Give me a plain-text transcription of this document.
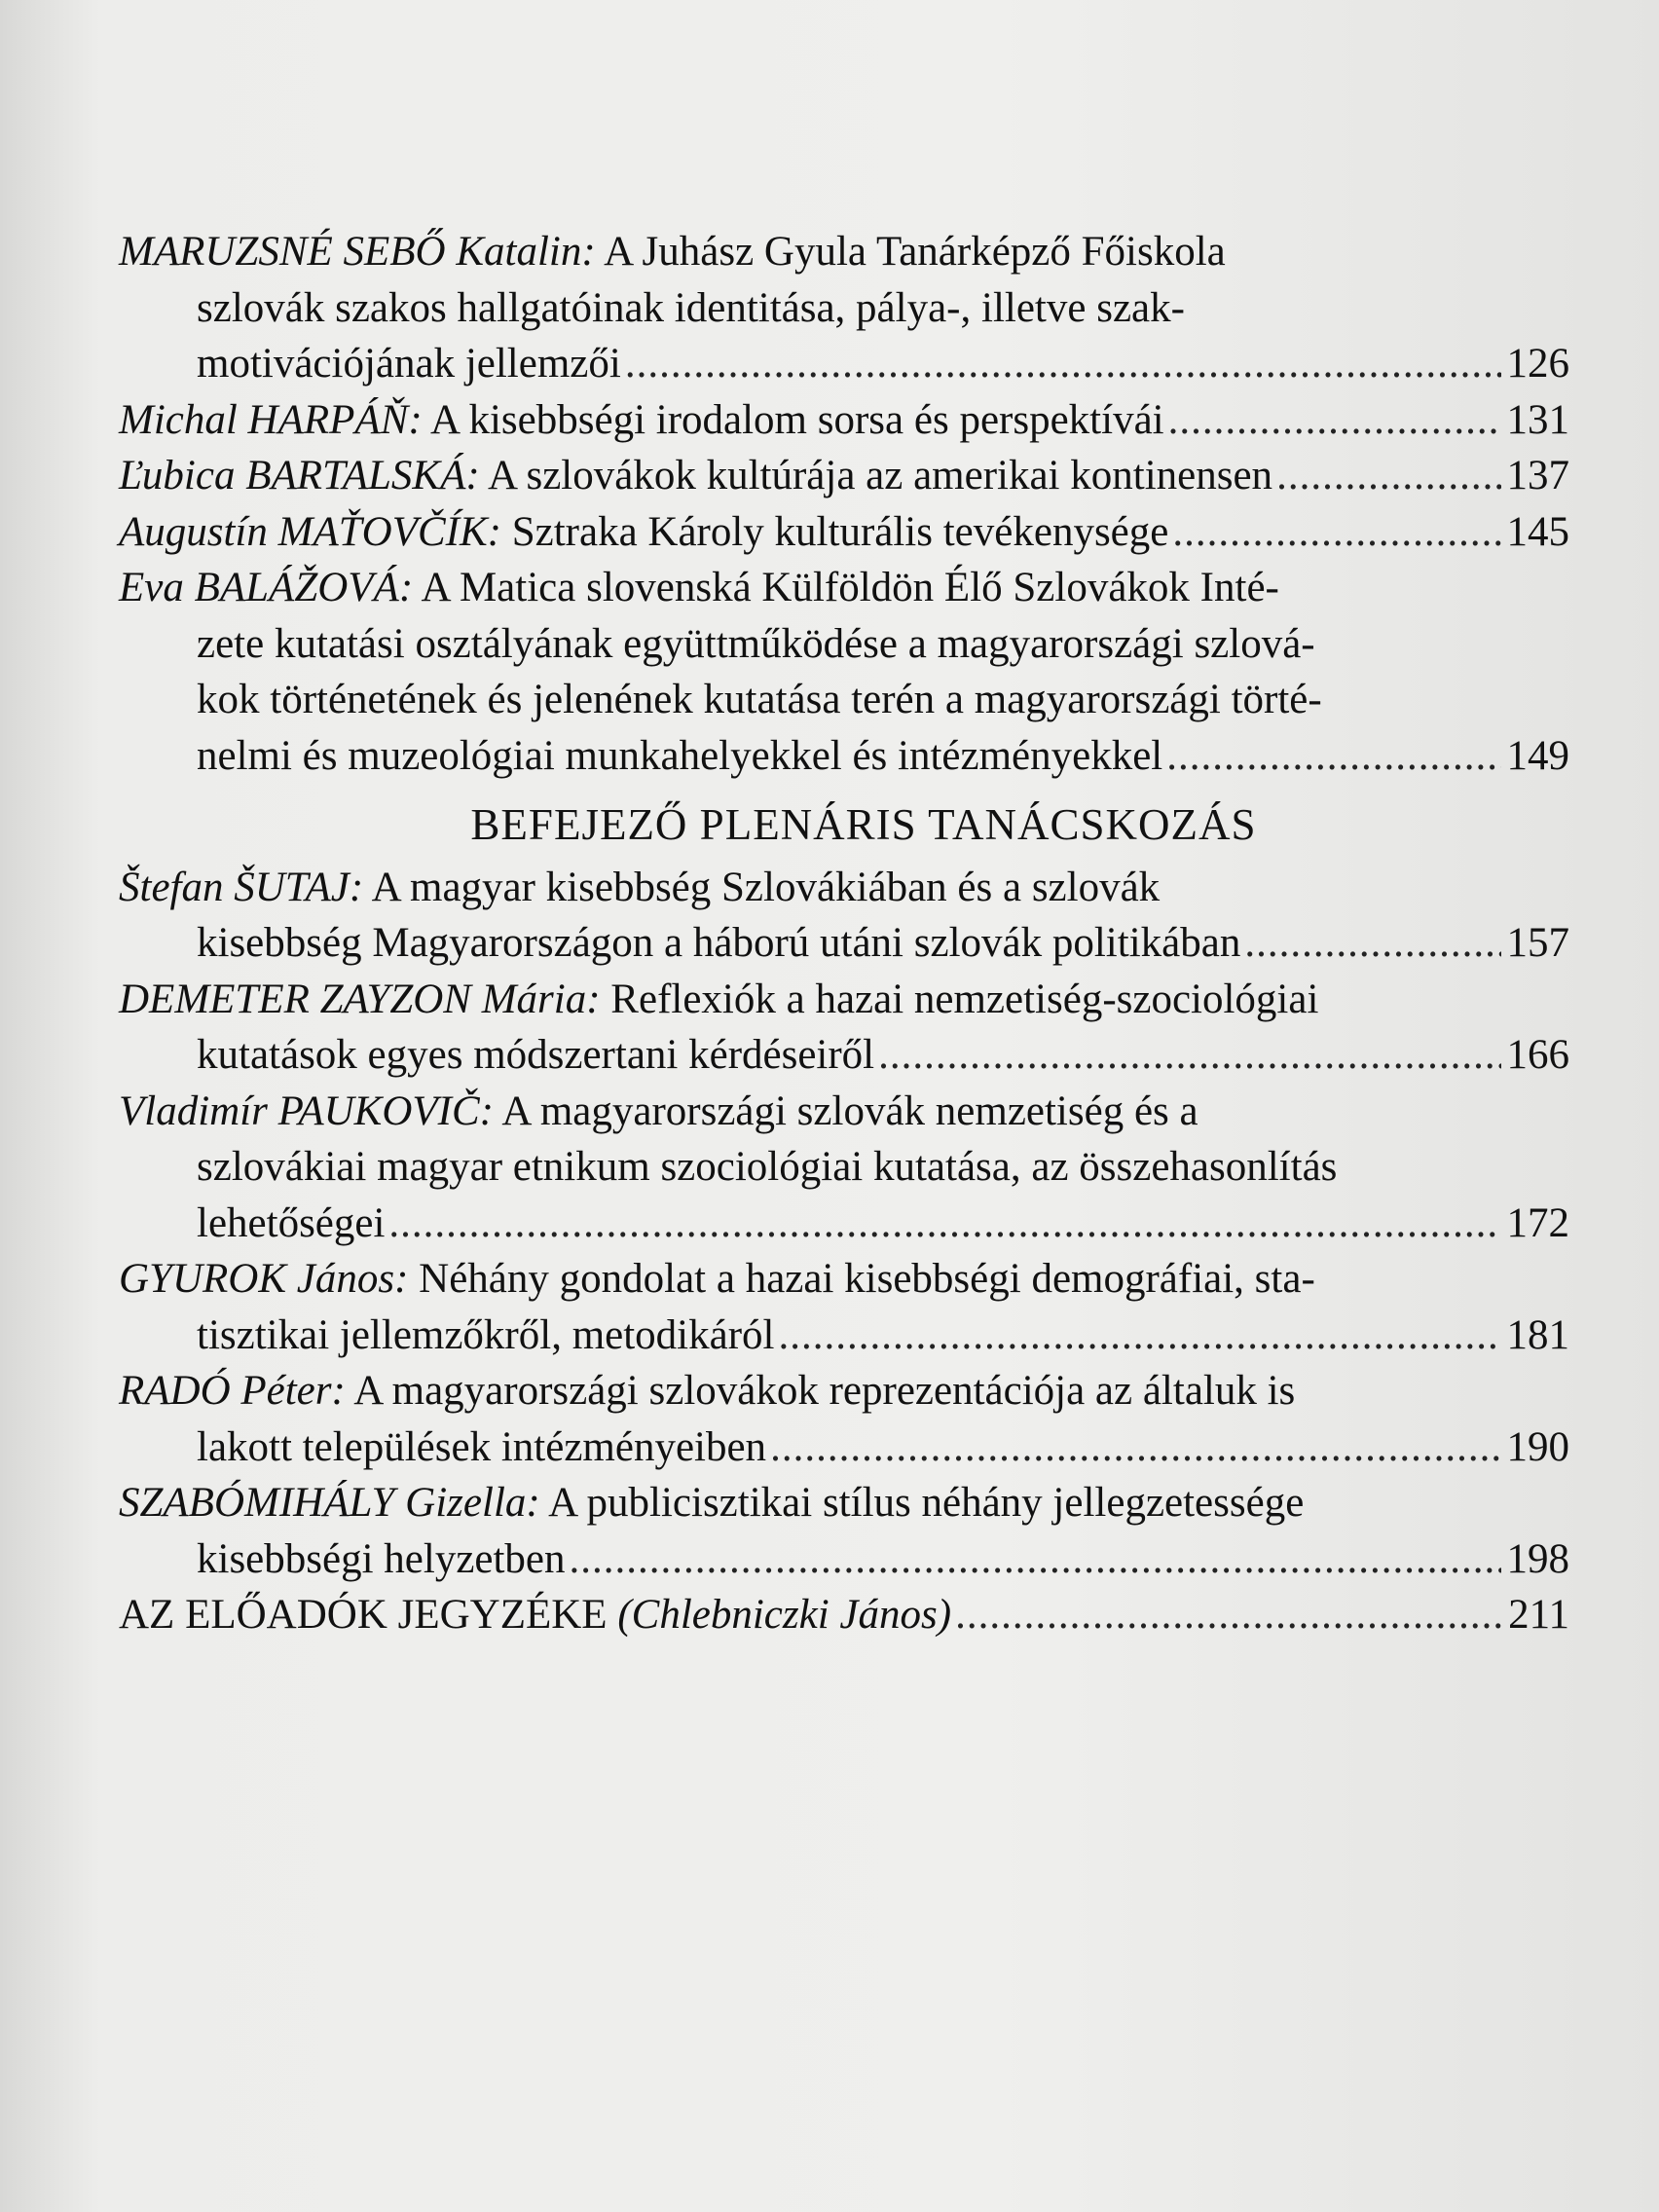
MARUZSNÉ SEBŐ Katalin: A Juhász Gyula Tanárképző Főiskola
szlovák szakos hallgatóinak identitása, pálya-, illetve szak-
motivációjának jellemzői .....	126
Michal HARPÁŇ: A kisebbségi irodalom sorsa és perspektívái .....	131
Ľubica BARTALSKÁ: A szlovákok kultúrája az amerikai kontinensen .....	137
Augustín MAŤOVČÍK: Sztraka Károly kulturális tevékenysége .....	145
Eva BALÁŽOVÁ: A Matica slovenská Külföldön Élő Szlovákok Inté-
zete kutatási osztályának együttműködése a magyarországi szlová-
kok történetének és jelenének kutatása terén a magyarországi törté-
nelmi és muzeológiai munkahelyekkel és intézményekkel .....	149
BEFEJEZŐ PLENÁRIS TANÁCSKOZÁS
Štefan ŠUTAJ: A magyar kisebbség Szlovákiában és a szlovák
kisebbség Magyarországon a háború utáni szlovák politikában .....	157
DEMETER ZAYZON Mária: Reflexiók a hazai nemzetiség-szociológiai
kutatások egyes módszertani kérdéseiről .....	166
Vladimír PAUKOVIČ: A magyarországi szlovák nemzetiség és a
szlovákiai magyar etnikum szociológiai kutatása, az összehasonlítás
lehetőségei .....	172
GYUROK János: Néhány gondolat a hazai kisebbségi demográfiai, sta-
tisztikai jellemzőkről, metodikáról .....	181
RADÓ Péter: A magyarországi szlovákok reprezentációja az általuk is
lakott települések intézményeiben .....	190
SZABÓMIHÁLY Gizella: A publicisztikai stílus néhány jellegzetessége
kisebbségi helyzetben .....	198
AZ ELŐADÓK JEGYZÉKE (Chlebniczki János) .....	211
